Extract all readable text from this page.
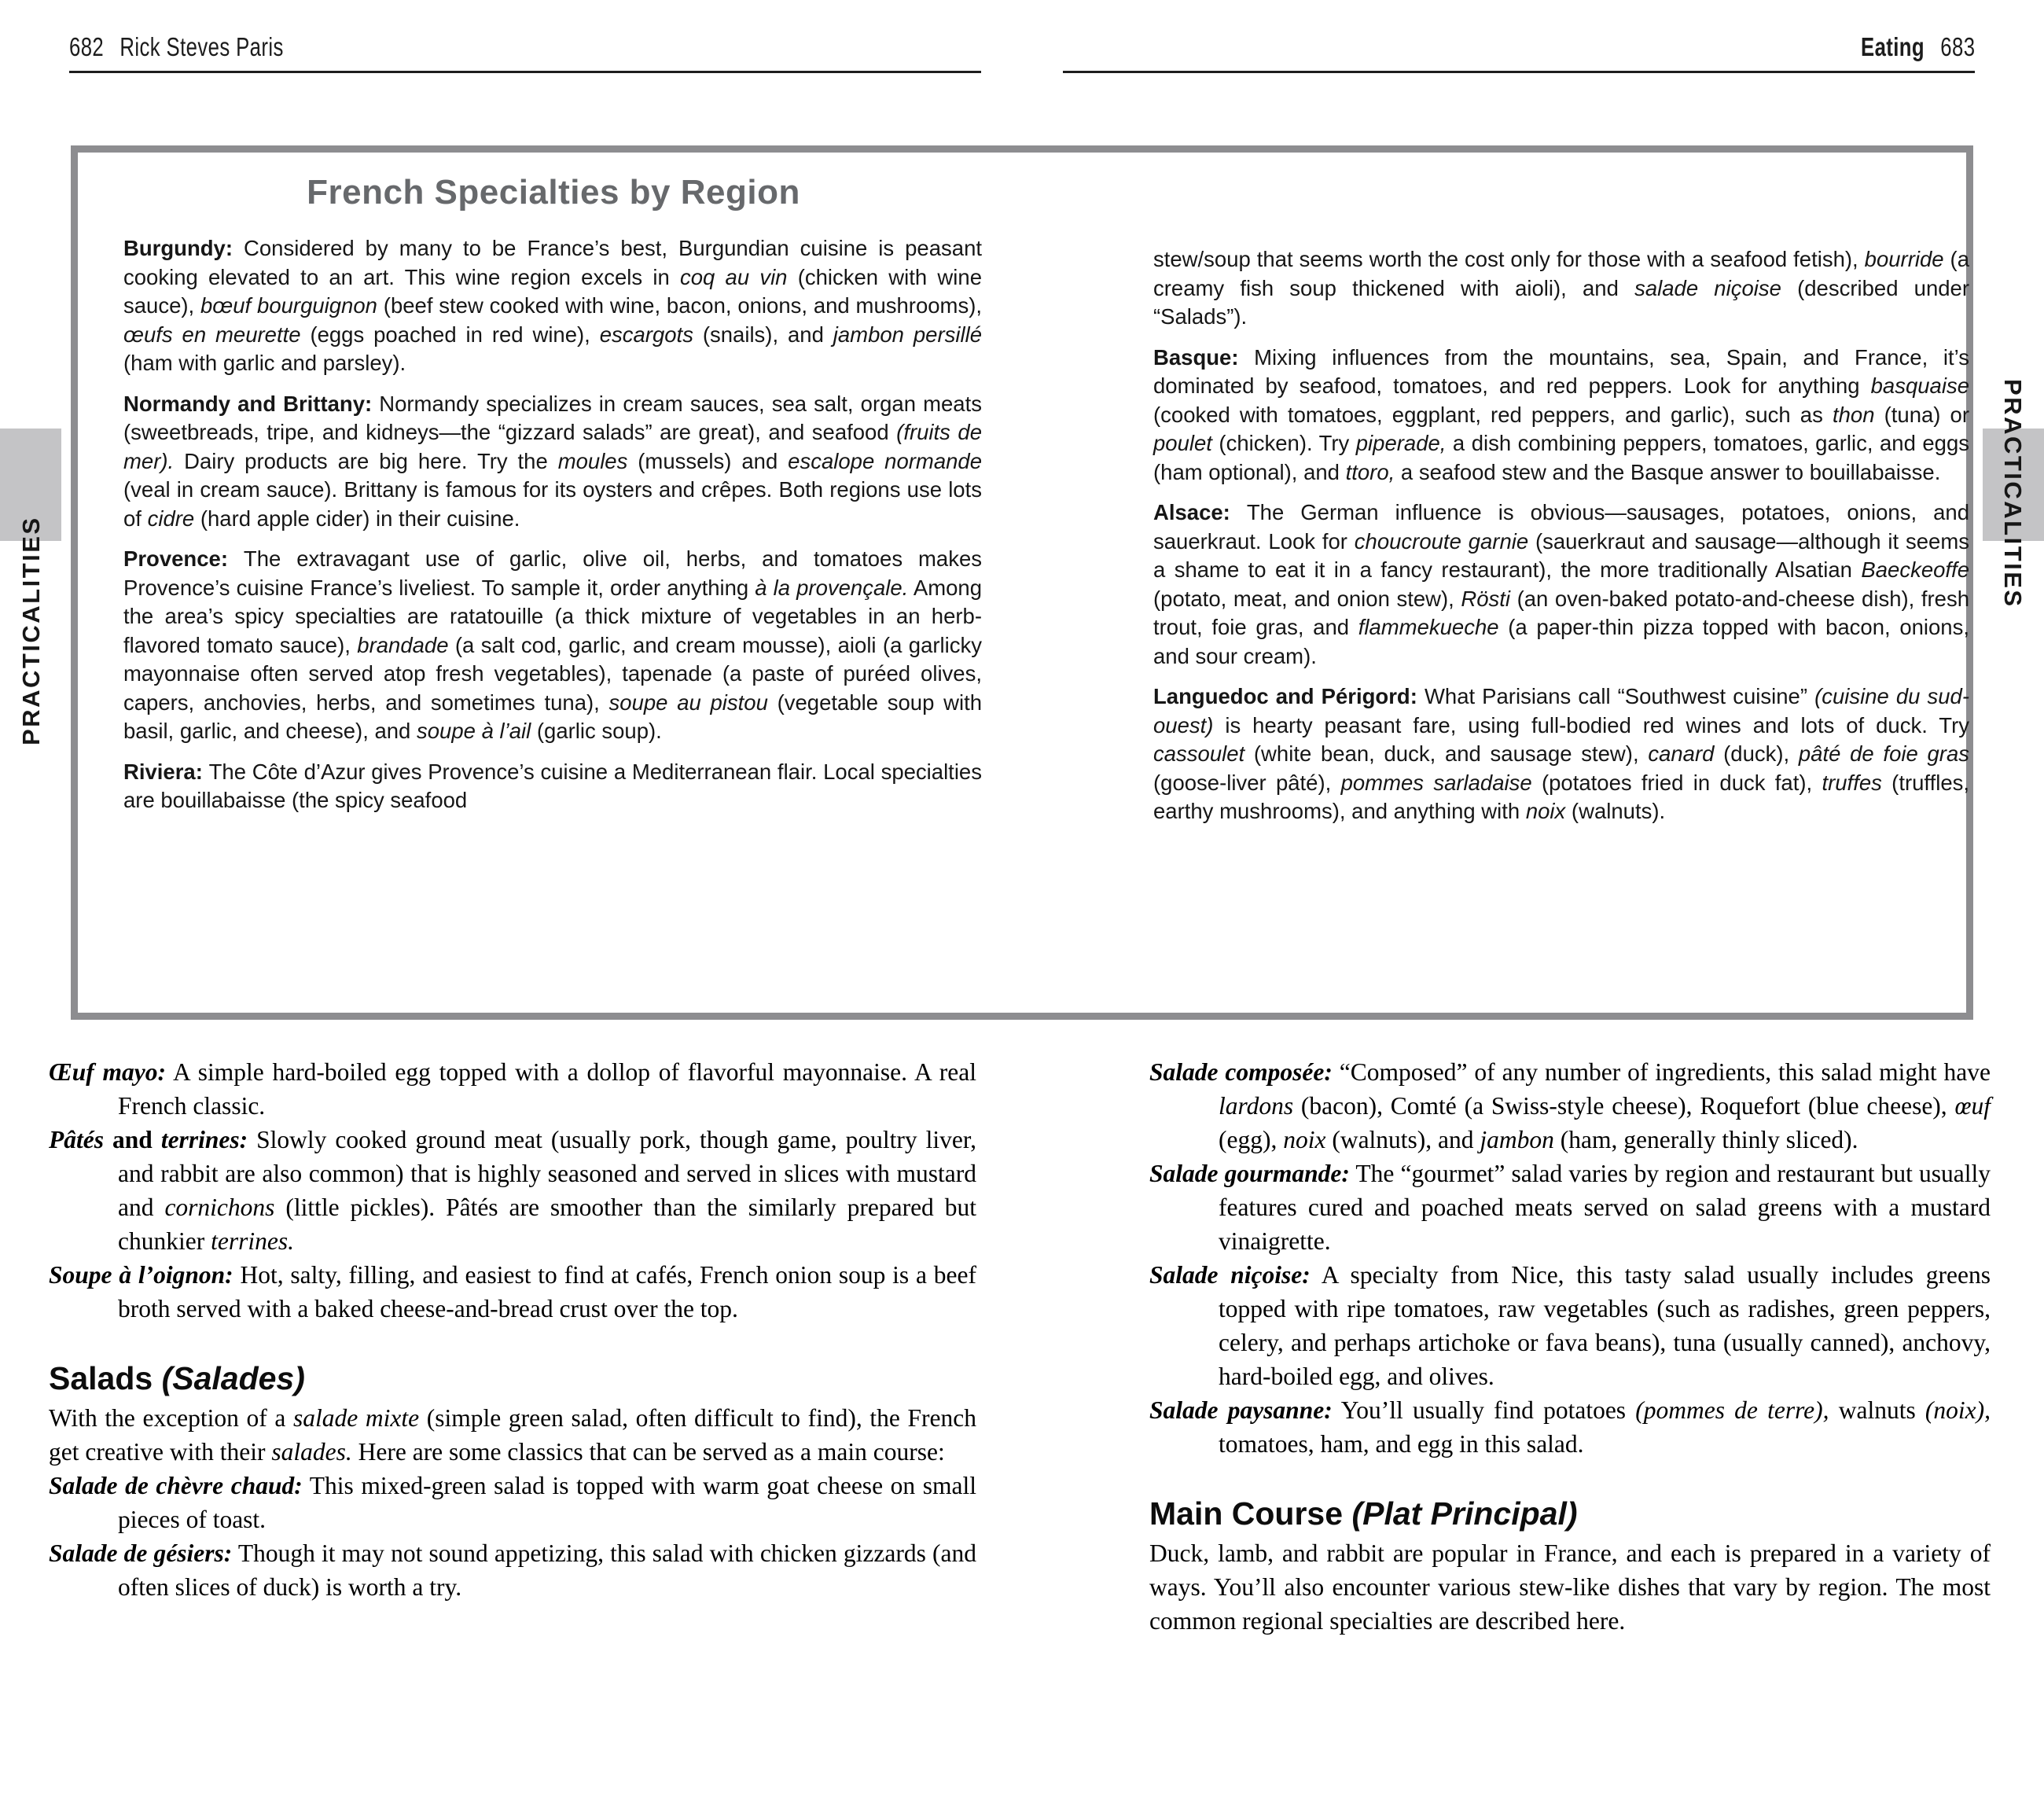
682 Rick Steves Paris	Eating 683
PRACTICALITIES
PRACTICALITIES
French Specialties by Region

Burgundy: Considered by many to be France’s best, Burgundian cuisine is peasant cooking elevated to an art. This wine region excels in coq au vin (chicken with wine sauce), bœuf bourguignon (beef stew cooked with wine, bacon, onions, and mushrooms), œufs en meurette (eggs poached in red wine), escargots (snails), and jambon persillé (ham with garlic and parsley).

Normandy and Brittany: Normandy specializes in cream sauces, sea salt, organ meats (sweetbreads, tripe, and kidneys—the “gizzard salads” are great), and seafood (fruits de mer). Dairy products are big here. Try the moules (mussels) and escalope normande (veal in cream sauce). Brittany is famous for its oysters and crêpes. Both regions use lots of cidre (hard apple cider) in their cuisine.

Provence: The extravagant use of garlic, olive oil, herbs, and tomatoes makes Provence’s cuisine France’s liveliest. To sample it, order anything à la provençale. Among the area’s spicy specialties are ratatouille (a thick mixture of vegetables in an herb-flavored tomato sauce), brandade (a salt cod, garlic, and cream mousse), aioli (a garlicky mayonnaise often served atop fresh vegetables), tapenade (a paste of puréed olives, capers, anchovies, herbs, and sometimes tuna), soupe au pistou (vegetable soup with basil, garlic, and cheese), and soupe à l’ail (garlic soup).

Riviera: The Côte d’Azur gives Provence’s cuisine a Mediterranean flair. Local specialties are bouillabaisse (the spicy seafood

stew/soup that seems worth the cost only for those with a seafood fetish), bourride (a creamy fish soup thickened with aioli), and salade niçoise (described under “Salads”).

Basque: Mixing influences from the mountains, sea, Spain, and France, it’s dominated by seafood, tomatoes, and red peppers. Look for anything basquaise (cooked with tomatoes, eggplant, red peppers, and garlic), such as thon (tuna) or poulet (chicken). Try piperade, a dish combining peppers, tomatoes, garlic, and eggs (ham optional), and ttoro, a seafood stew and the Basque answer to bouillabaisse.

Alsace: The German influence is obvious—sausages, potatoes, onions, and sauerkraut. Look for choucroute garnie (sauerkraut and sausage—although it seems a shame to eat it in a fancy restaurant), the more traditionally Alsatian Baeckeoffe (potato, meat, and onion stew), Rösti (an oven-baked potato-and-cheese dish), fresh trout, foie gras, and flammekueche (a paper-thin pizza topped with bacon, onions, and sour cream).

Languedoc and Périgord: What Parisians call “Southwest cuisine” (cuisine du sud-ouest) is hearty peasant fare, using full-bodied red wines and lots of duck. Try cassoulet (white bean, duck, and sausage stew), canard (duck), pâté de foie gras (goose-liver pâté), pommes sarladaise (potatoes fried in duck fat), truffes (truffles, earthy mushrooms), and anything with noix (walnuts).

Œuf mayo: A simple hard-boiled egg topped with a dollop of flavorful mayonnaise. A real French classic.

Pâtés and terrines: Slowly cooked ground meat (usually pork, though game, poultry liver, and rabbit are also common) that is highly seasoned and served in slices with mustard and cornichons (little pickles). Pâtés are smoother than the similarly prepared but chunkier terrines.

Soupe à l’oignon: Hot, salty, filling, and easiest to find at cafés, French onion soup is a beef broth served with a baked cheese-and-bread crust over the top.

Salads (Salades)

With the exception of a salade mixte (simple green salad, often difficult to find), the French get creative with their salades. Here are some classics that can be served as a main course:

Salade de chèvre chaud: This mixed-green salad is topped with warm goat cheese on small pieces of toast.

Salade de gésiers: Though it may not sound appetizing, this salad with chicken gizzards (and often slices of duck) is worth a try.

Salade composée: “Composed” of any number of ingredients, this salad might have lardons (bacon), Comté (a Swiss-style cheese), Roquefort (blue cheese), œuf (egg), noix (walnuts), and jambon (ham, generally thinly sliced).

Salade gourmande: The “gourmet” salad varies by region and restaurant but usually features cured and poached meats served on salad greens with a mustard vinaigrette.

Salade niçoise: A specialty from Nice, this tasty salad usually includes greens topped with ripe tomatoes, raw vegetables (such as radishes, green peppers, celery, and perhaps artichoke or fava beans), tuna (usually canned), anchovy, hard-boiled egg, and olives.

Salade paysanne: You’ll usually find potatoes (pommes de terre), walnuts (noix), tomatoes, ham, and egg in this salad.

Main Course (Plat Principal)

Duck, lamb, and rabbit are popular in France, and each is prepared in a variety of ways. You’ll also encounter various stew-like dishes that vary by region. The most common regional specialties are described here.
